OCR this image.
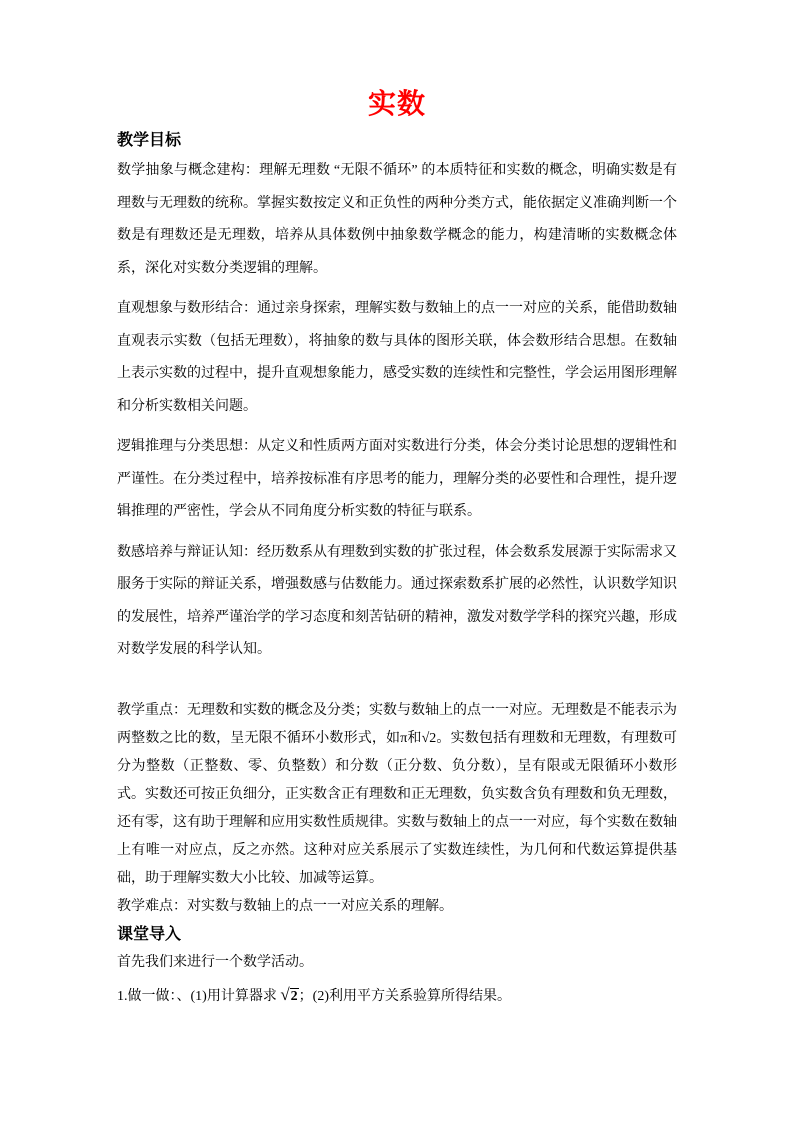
实数
教学目标

数学抽象与概念建构：理解无理数 “无限不循环” 的本质特征和实数的概念，明确实数是有理数与无理数的统称。掌握实数按定义和正负性的两种分类方式，能依据定义准确判断一个数是有理数还是无理数，培养从具体数例中抽象数学概念的能力，构建清晰的实数概念体系，深化对实数分类逻辑的理解。

直观想象与数形结合：通过亲身探索，理解实数与数轴上的点一一对应的关系，能借助数轴直观表示实数（包括无理数），将抽象的数与具体的图形关联，体会数形结合思想。在数轴上表示实数的过程中，提升直观想象能力，感受实数的连续性和完整性，学会运用图形理解和分析实数相关问题。

逻辑推理与分类思想：从定义和性质两方面对实数进行分类，体会分类讨论思想的逻辑性和严谨性。在分类过程中，培养按标准有序思考的能力，理解分类的必要性和合理性，提升逻辑推理的严密性，学会从不同角度分析实数的特征与联系。

数感培养与辩证认知：经历数系从有理数到实数的扩张过程，体会数系发展源于实际需求又服务于实际的辩证关系，增强数感与估数能力。通过探索数系扩展的必然性，认识数学知识的发展性，培养严谨治学的学习态度和刻苦钻研的精神，激发对数学学科的探究兴趣，形成对数学发展的科学认知。

教学重点：无理数和实数的概念及分类；实数与数轴上的点一一对应。无理数是不能表示为两整数之比的数，呈无限不循环小数形式，如π和√2。实数包括有理数和无理数，有理数可分为整数（正整数、零、负整数）和分数（正分数、负分数），呈有限或无限循环小数形式。实数还可按正负细分，正实数含正有理数和正无理数，负实数含负有理数和负无理数，还有零，这有助于理解和应用实数性质规律。实数与数轴上的点一一对应，每个实数在数轴上有唯一对应点，反之亦然。这种对应关系展示了实数连续性，为几何和代数运算提供基础，助于理解实数大小比较、加减等运算。

教学难点：对实数与数轴上的点一一对应关系的理解。

课堂导入

首先我们来进行一个数学活动。

1.做一做：、(1)用计算器求 √2；(2)利用平方关系验算所得结果。
